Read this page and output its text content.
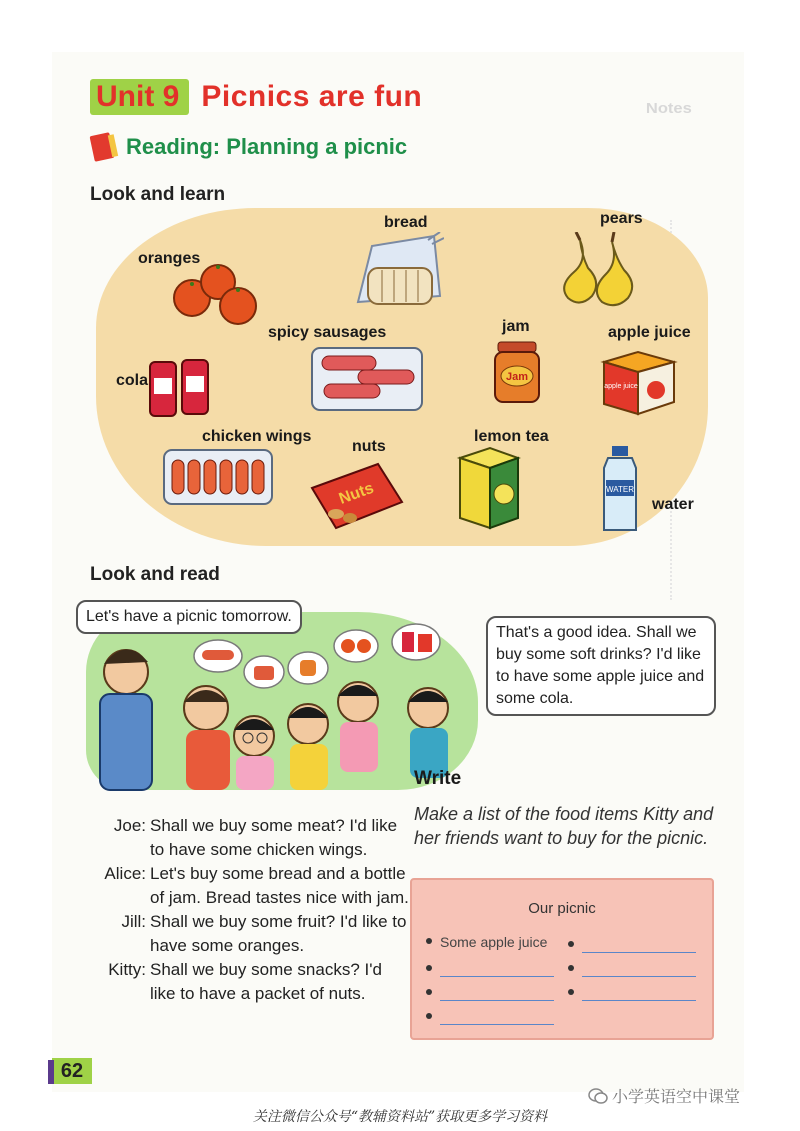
Notes
Unit 9 Picnics are fun
Reading: Planning a picnic
Look and learn
bread	pears
oranges
spicy sausages	jam
Jam
apple juice
apple juice
cola
chicken wings
nuts
Nuts
lemon tea
WATER
water
Look and read
Let's have a picnic tomorrow.
That's a good idea. Shall we buy some soft drinks? I'd like to have some apple juice and some cola.
Joe: Shall we buy some meat? I'd like to have some chicken wings.
Alice: Let's buy some bread and a bottle of jam. Bread tastes nice with jam.
Jill: Shall we buy some fruit? I'd like to have some oranges.
Kitty: Shall we buy some snacks? I'd like to have a packet of nuts.
Write
Make a list of the food items Kitty and her friends want to buy for the picnic.
Our picnic
Some apple juice
62
小学英语空中课堂
关注微信公众号“教辅资料站”获取更多学习资料
